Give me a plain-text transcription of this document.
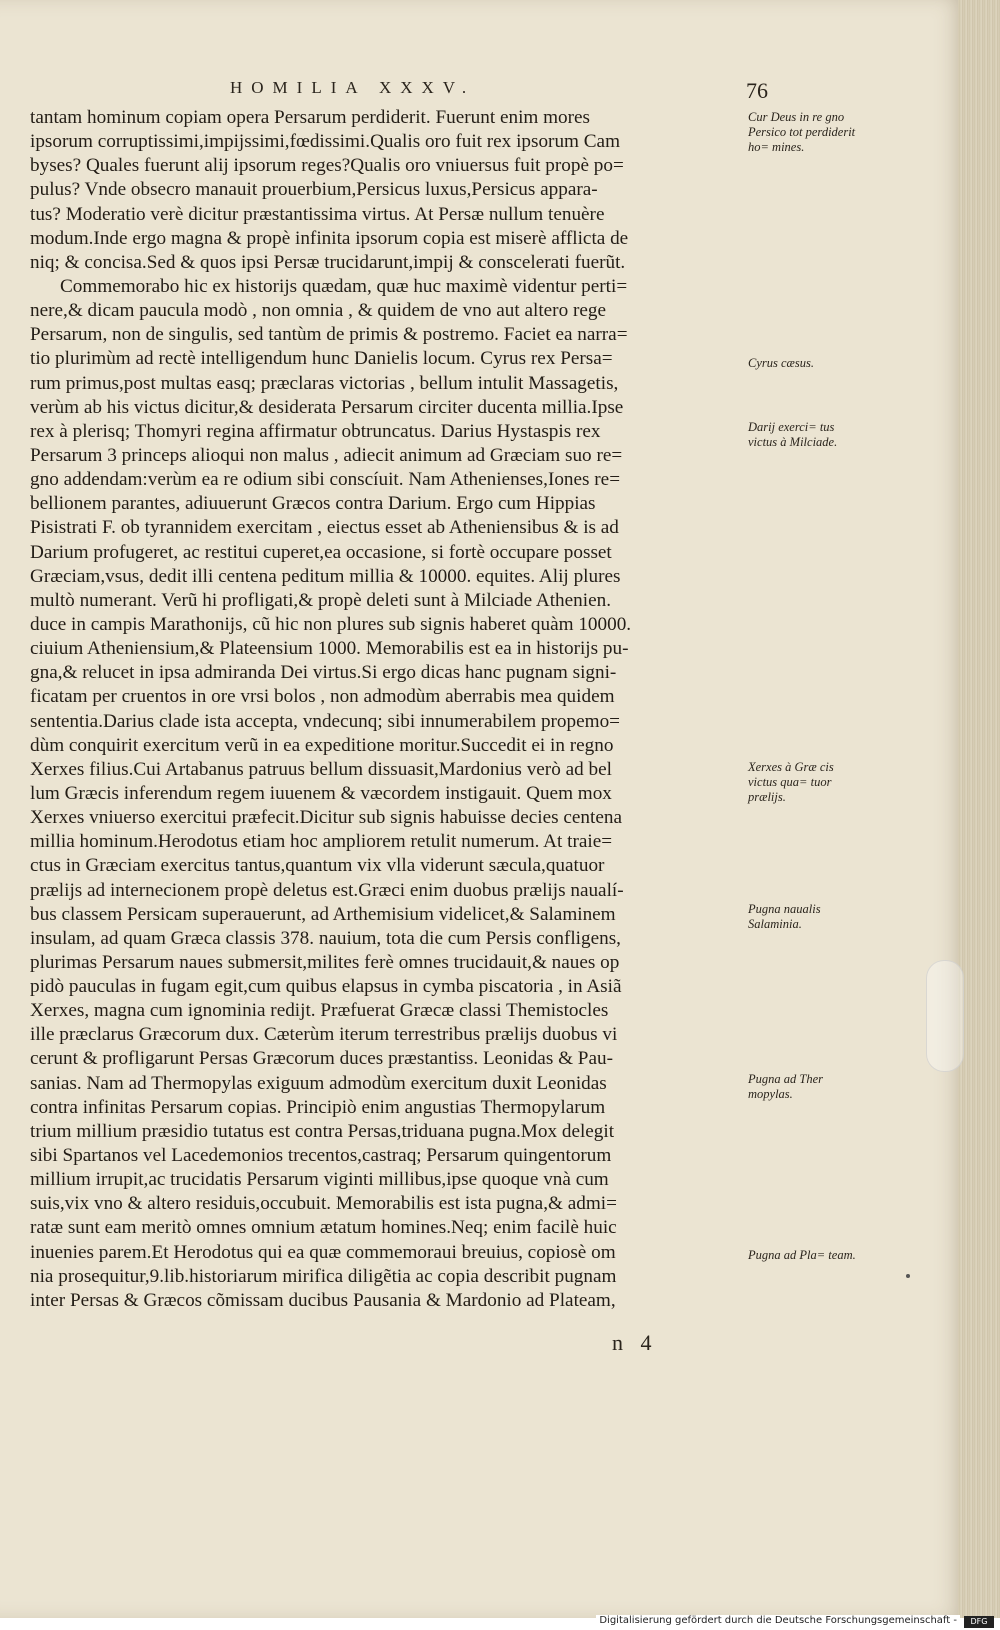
HOMILIA XXXV.	76
tantam hominum copiam opera Persarum perdiderit. Fuerunt enim mores
ipsorum corruptissimi,impijssimi,fœdissimi.Qualis oro fuit rex ipsorum Cam
byses? Quales fuerunt alij ipsorum reges?Qualis oro vniuersus fuit propè po=
pulus? Vnde obsecro manauit prouerbium,Persicus luxus,Persicus appara-
tus? Moderatio verè dicitur præstantissima virtus. At Persæ nullum tenuère
modum.Inde ergo magna & propè infinita ipsorum copia est miserè afflicta de
niq; & concisa.Sed & quos ipsi Persæ trucidarunt,impij & conscelerati fuerũt.
Commemorabo hic ex historijs quædam, quæ huc maximè videntur perti=
nere,& dicam paucula modò , non omnia , & quidem de vno aut altero rege
Persarum, non de singulis, sed tantùm de primis & postremo. Faciet ea narra=
tio plurimùm ad rectè intelligendum hunc Danielis locum. Cyrus rex Persa=
rum primus,post multas easq; præclaras victorias , bellum intulit Massagetis,
verùm ab his victus dicitur,& desiderata Persarum circiter ducenta millia.Ipse
rex à plerisq; Thomyri regina affirmatur obtruncatus. Darius Hystaspis rex
Persarum 3 princeps alioqui non malus , adiecit animum ad Græciam suo re=
gno addendam:verùm ea re odium sibi conscíuit. Nam Athenienses,Iones re=
bellionem parantes, adiuuerunt Græcos contra Darium. Ergo cum Hippias
Pisistrati F. ob tyrannidem exercitam , eiectus esset ab Atheniensibus & is ad
Darium profugeret, ac restitui cuperet,ea occasione, si fortè occupare posset
Græciam,vsus, dedit illi centena peditum millia & 10000. equites. Alij plures
multò numerant. Verũ hi profligati,& propè deleti sunt à Milciade Athenien.
duce in campis Marathonijs, cũ hic non plures sub signis haberet quàm 10000.
ciuium Atheniensium,& Plateensium 1000. Memorabilis est ea in historijs pu-
gna,& relucet in ipsa admiranda Dei virtus.Si ergo dicas hanc pugnam signi-
ficatam per cruentos in ore vrsi bolos , non admodùm aberrabis mea quidem
sententia.Darius clade ista accepta, vndecunq; sibi innumerabilem propemo=
dùm conquirit exercitum verũ in ea expeditione moritur.Succedit ei in regno
Xerxes filius.Cui Artabanus patruus bellum dissuasit,Mardonius verò ad bel
lum Græcis inferendum regem iuuenem & væcordem instigauit. Quem mox
Xerxes vniuerso exercitui præfecit.Dicitur sub signis habuisse decies centena
millia hominum.Herodotus etiam hoc ampliorem retulit numerum. At traie=
ctus in Græciam exercitus tantus,quantum vix vlla viderunt sæcula,quatuor
prælijs ad internecionem propè deletus est.Græci enim duobus prælijs naualí-
bus classem Persicam superauerunt, ad Arthemisium videlicet,& Salaminem
insulam, ad quam Græca classis 378. nauium, tota die cum Persis confligens,
plurimas Persarum naues submersit,milites ferè omnes trucidauit,& naues op
pidò pauculas in fugam egit,cum quibus elapsus in cymba piscatoria , in Asiã
Xerxes, magna cum ignominia redijt. Præfuerat Græcæ classi Themistocles
ille præclarus Græcorum dux. Cæterùm iterum terrestribus prælijs duobus vi
cerunt & profligarunt Persas Græcorum duces præstantiss. Leonidas & Pau-
sanias. Nam ad Thermopylas exiguum admodùm exercitum duxit Leonidas
contra infinitas Persarum copias. Principiò enim angustias Thermopylarum
trium millium præsidio tutatus est contra Persas,triduana pugna.Mox delegit
sibi Spartanos vel Lacedemonios trecentos,castraq; Persarum quingentorum
millium irrupit,ac trucidatis Persarum viginti millibus,ipse quoque vnà cum
suis,vix vno & altero residuis,occubuit. Memorabilis est ista pugna,& admi=
ratæ sunt eam meritò omnes omnium ætatum homines.Neq; enim facilè huic
inuenies parem.Et Herodotus qui ea quæ commemoraui breuius, copiosè om
nia prosequitur,9.lib.historiarum mirifica diligẽtia ac copia describit pugnam
inter Persas & Græcos cõmissam ducibus Pausania & Mardonio ad Plateam,
Cur Deus in re gno Persico tot perdiderit ho= mines.
Cyrus cæsus.
Darij exerci= tus victus à Milciade.
Xerxes à Græ cis victus qua= tuor prælijs.
Pugna naualis Salaminia.
Pugna ad Ther mopylas.
Pugna ad Pla= team.
n 4
Digitalisierung gefördert durch die Deutsche Forschungsgemeinschaft -	DFG
